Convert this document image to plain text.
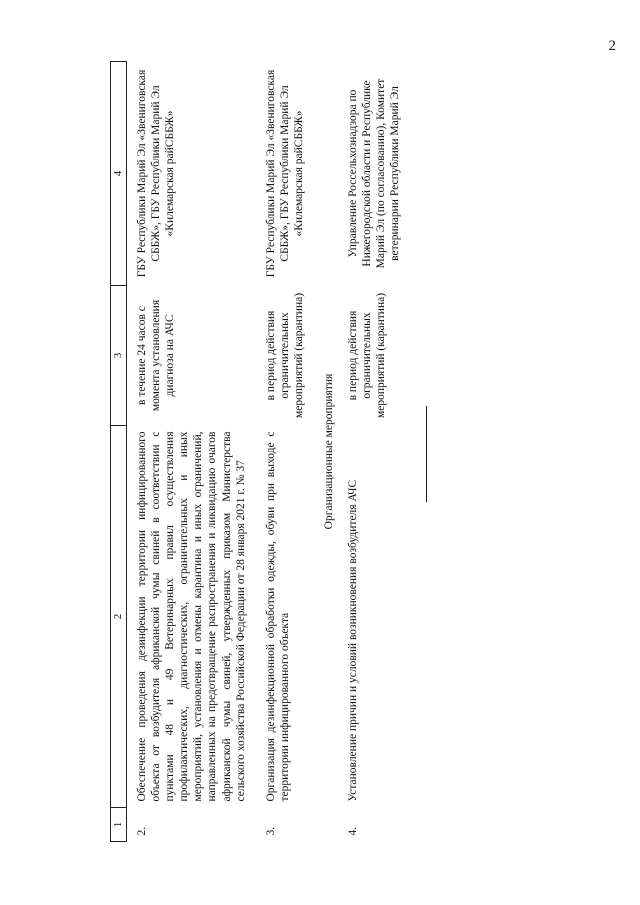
2
1	2	3	4
2.	Обеспечение проведения дезинфекции территории инфицированного объекта от возбудителя африканской чумы свиней в соответствии с пунктами 48 и 49 Ветеринарных правил осуществления профилактических, диагностических, ограничительных и иных мероприятий, установления и отмены карантина и иных ограничений, направленных на предотвращение распространения и ликвидацию очагов африканской чумы свиней, утвержденных приказом Министерства сельского хозяйства Российской Федерации от 28 января 2021 г. № 37	в течение 24 часов с момента установления диагноза на АЧС	ГБУ Республики Марий Эл «Звениговская СББЖ», ГБУ Республики Марий Эл «Килемарская райСББЖ»
3.	Организация дезинфекционной обработки одежды, обуви при выходе с территории инфицированного объекта	в период действия ограничительных мероприятий (карантина)	ГБУ Республики Марий Эл «Звениговская СББЖ», ГБУ Республики Марий Эл «Килемарская райСББЖ»
Организационные мероприятия			
4.	Установление причин и условий возникновения возбудителя АЧС	в период действия ограничительных мероприятий (карантина)	Управление Россельхознадзора по Нижегородской области и Республике Марий Эл (по согласованию), Комитет ветеринарии Республики Марий Эл
